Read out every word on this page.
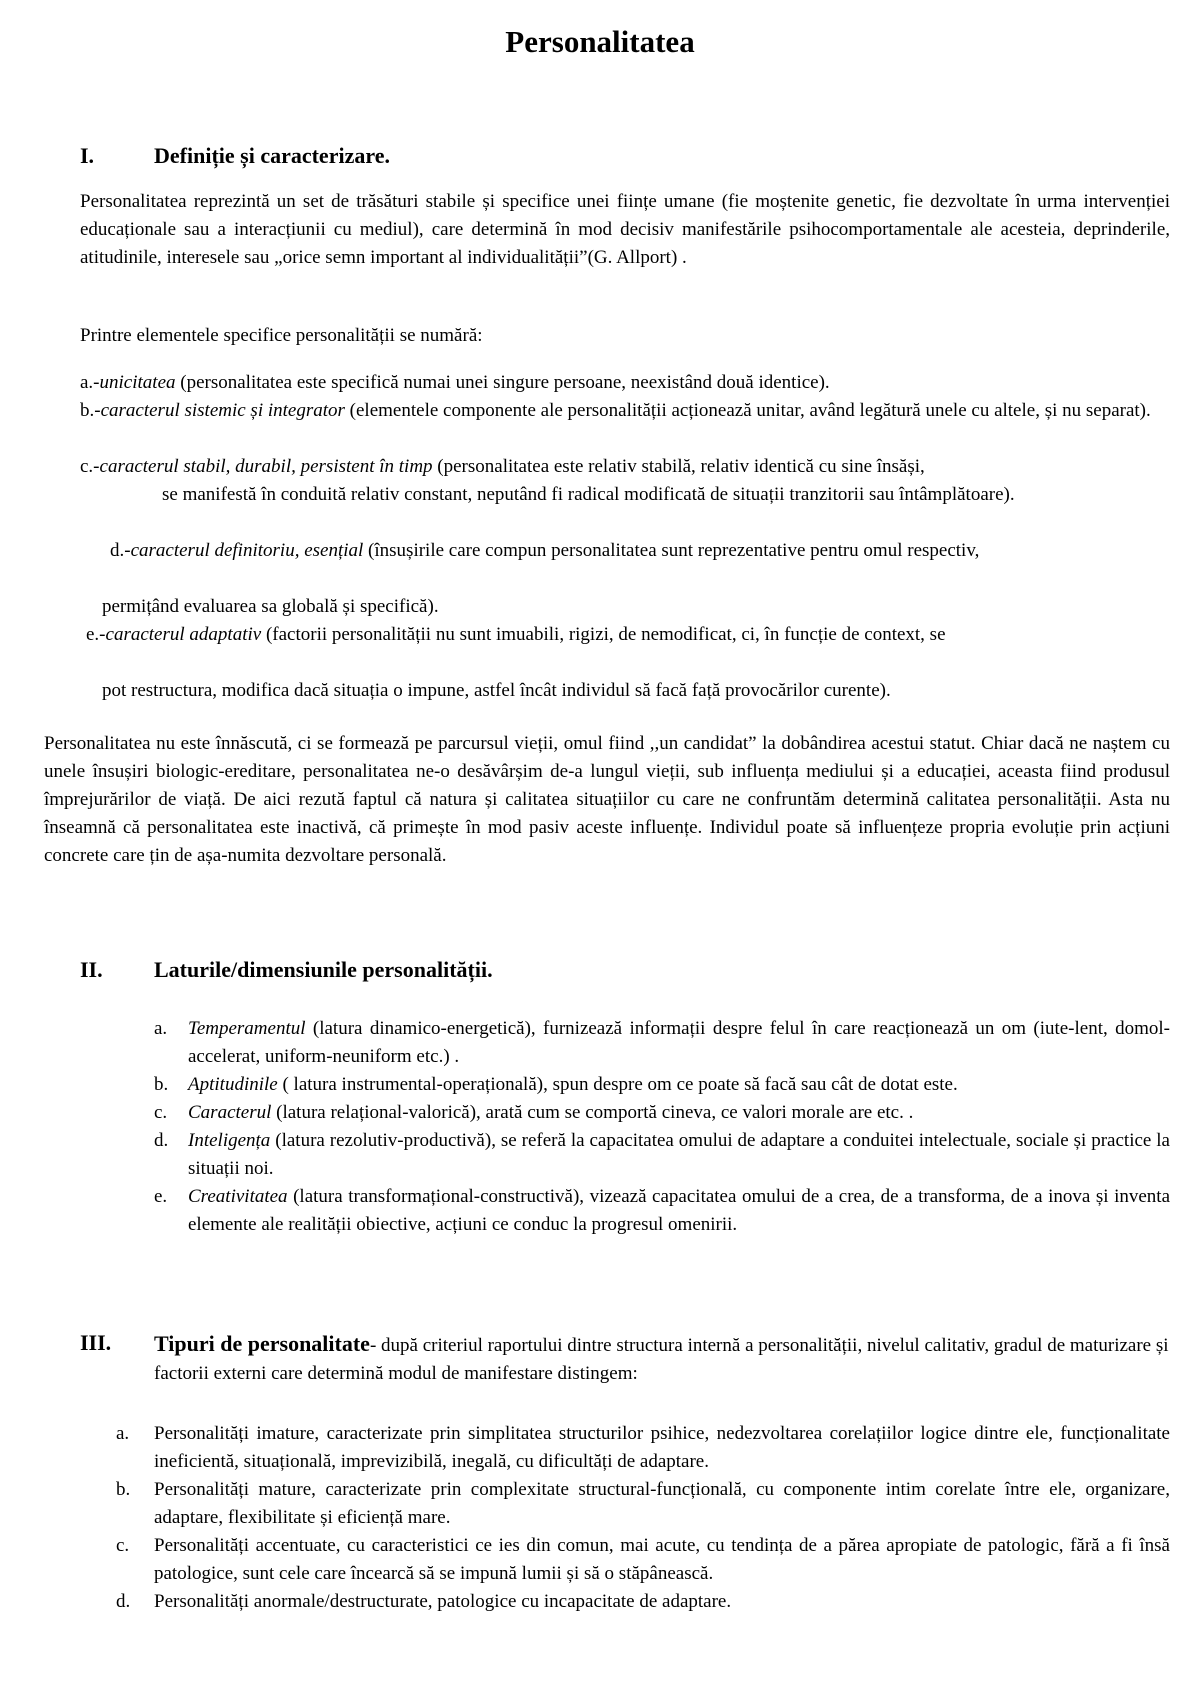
Personalitatea
I.	Definiție și caracterizare.
Personalitatea reprezintă un set de trăsături stabile și specifice unei ființe umane (fie moștenite genetic, fie dezvoltate în urma intervenției educaționale sau a interacțiunii cu mediul), care determină în mod decisiv manifestările psihocomportamentale ale acesteia, deprinderile, atitudinile, interesele sau „orice semn important al individualității”(G. Allport) .
Printre elementele specifice personalității se numără:
a.-unicitatea (personalitatea este specifică numai unei singure persoane, neexistând două identice).
b.-caracterul sistemic și integrator (elementele componente ale personalității acționează unitar, având legătură unele cu altele, și nu separat).
c.-caracterul stabil, durabil, persistent în timp (personalitatea este relativ stabilă, relativ identică cu sine însăși,
se manifestă în conduită relativ constant, neputând fi radical modificată de situații tranzitorii sau întâmplătoare).
d.-caracterul definitoriu, esențial (însușirile care compun personalitatea sunt reprezentative pentru omul respectiv,
permițând evaluarea sa globală și specifică).
e.-caracterul adaptativ (factorii personalității nu sunt imuabili, rigizi, de nemodificat, ci, în funcție de context, se
pot restructura, modifica dacă situația o impune, astfel încât individul să facă față provocărilor curente).
Personalitatea nu este înnăscută, ci se formează pe parcursul vieții, omul fiind ,,un candidat” la dobândirea acestui statut. Chiar dacă ne naștem cu unele însușiri biologic-ereditare, personalitatea ne-o desăvârșim de-a lungul vieții, sub influența mediului și a educației, aceasta fiind produsul împrejurărilor de viață. De aici rezută faptul că natura și calitatea situațiilor cu care ne confruntăm determină calitatea personalității. Asta nu înseamnă că personalitatea este inactivă, că primește în mod pasiv aceste influențe. Individul poate să influențeze propria evoluție prin acțiuni concrete care țin de așa-numita dezvoltare personală.
II. Laturile/dimensiunile personalității.
a. Temperamentul (latura dinamico-energetică), furnizează informații despre felul în care reacționează un om (iute-lent, domol-accelerat, uniform-neuniform etc.) .
b. Aptitudinile ( latura instrumental-operațională), spun despre om ce poate să facă sau cât de dotat este.
c. Caracterul (latura relațional-valorică), arată cum se comportă cineva, ce valori morale are etc. .
d. Inteligența (latura rezolutiv-productivă), se referă la capacitatea omului de adaptare a conduitei intelectuale, sociale și practice la situații noi.
e. Creativitatea (latura transformațional-constructivă), vizează capacitatea omului de a crea, de a transforma, de a inova și inventa elemente ale realității obiective, acțiuni ce conduc la progresul omenirii.
III. Tipuri de personalitate- după criteriul raportului dintre structura internă a personalității, nivelul calitativ, gradul de maturizare și factorii externi care determină modul de manifestare distingem:
a. Personalități imature, caracterizate prin simplitatea structurilor psihice, nedezvoltarea corelațiilor logice dintre ele, funcționalitate ineficientă, situațională, imprevizibilă, inegală, cu dificultăți de adaptare.
b. Personalități mature, caracterizate prin complexitate structural-funcțională, cu componente intim corelate între ele, organizare, adaptare, flexibilitate și eficiență mare.
c. Personalități accentuate, cu caracteristici ce ies din comun, mai acute, cu tendința de a părea apropiate de patologic, fără a fi însă patologice, sunt cele care încearcă să se impună lumii și să o stăpânească.
d. Personalități anormale/destructurate, patologice cu incapacitate de adaptare.
